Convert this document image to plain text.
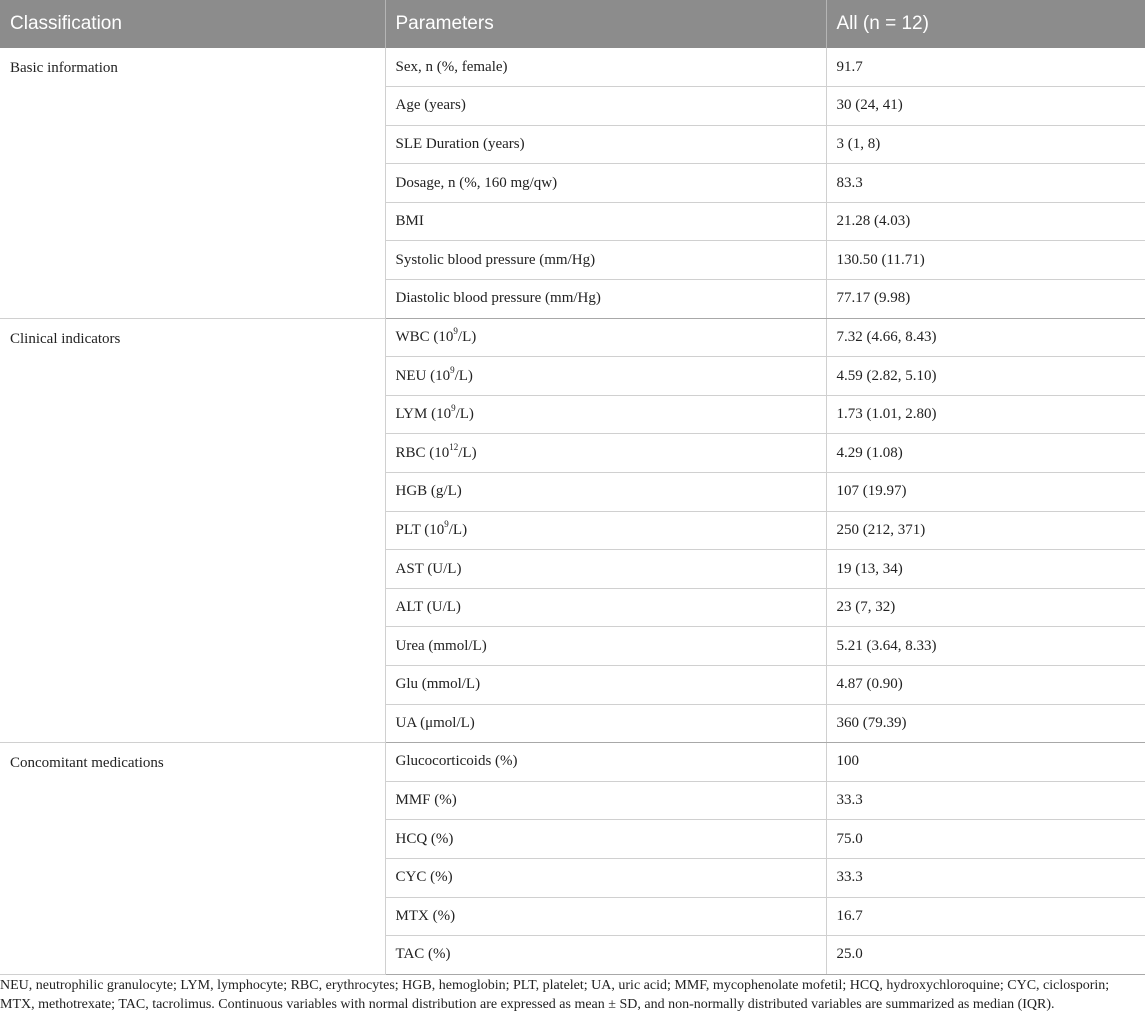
Classification	Parameters	All (n = 12)
Basic information	Sex, n (%, female)	91.7
	Age (years)	30 (24, 41)
	SLE Duration (years)	3 (1, 8)
	Dosage, n (%, 160 mg/qw)	83.3
	BMI	21.28 (4.03)
	Systolic blood pressure (mm/Hg)	130.50 (11.71)
	Diastolic blood pressure (mm/Hg)	77.17 (9.98)
Clinical indicators	WBC $(10^9/L)$	7.32 (4.66, 8.43)
	NEU $(10^9/L)$	4.59 (2.82, 5.10)
	LYM $(10^9/L)$	1.73 (1.01, 2.80)
	RBC $(10^{12}/L)$	4.29 (1.08)
	HGB (g/L)	107 (19.97)
	PLT $(10^9/L)$	250 (212, 371)
	AST (U/L)	19 (13, 34)
	ALT (U/L)	23 (7, 32)
	Urea (mmol/L)	5.21 (3.64, 8.33)
	Glu (mmol/L)	4.87 (0.90)
	UA (μmol/L)	360 (79.39)
Concomitant medications	Glucocorticoids (%)	100
	MMF (%)	33.3
	HCQ (%)	75.0
	CYC (%)	33.3
	MTX (%)	16.7
	TAC (%)	25.0

NEU, neutrophilic granulocyte; LYM, lymphocyte; RBC, erythrocytes; HGB, hemoglobin; PLT, platelet; UA, uric acid; MMF, mycophenolate mofetil; HCQ, hydroxychloroquine; CYC, ciclosporin; MTX, methotrexate; TAC, tacrolimus. Continuous variables with normal distribution are expressed as mean ± SD, and non-normally distributed variables are summarized as median (IQR).
